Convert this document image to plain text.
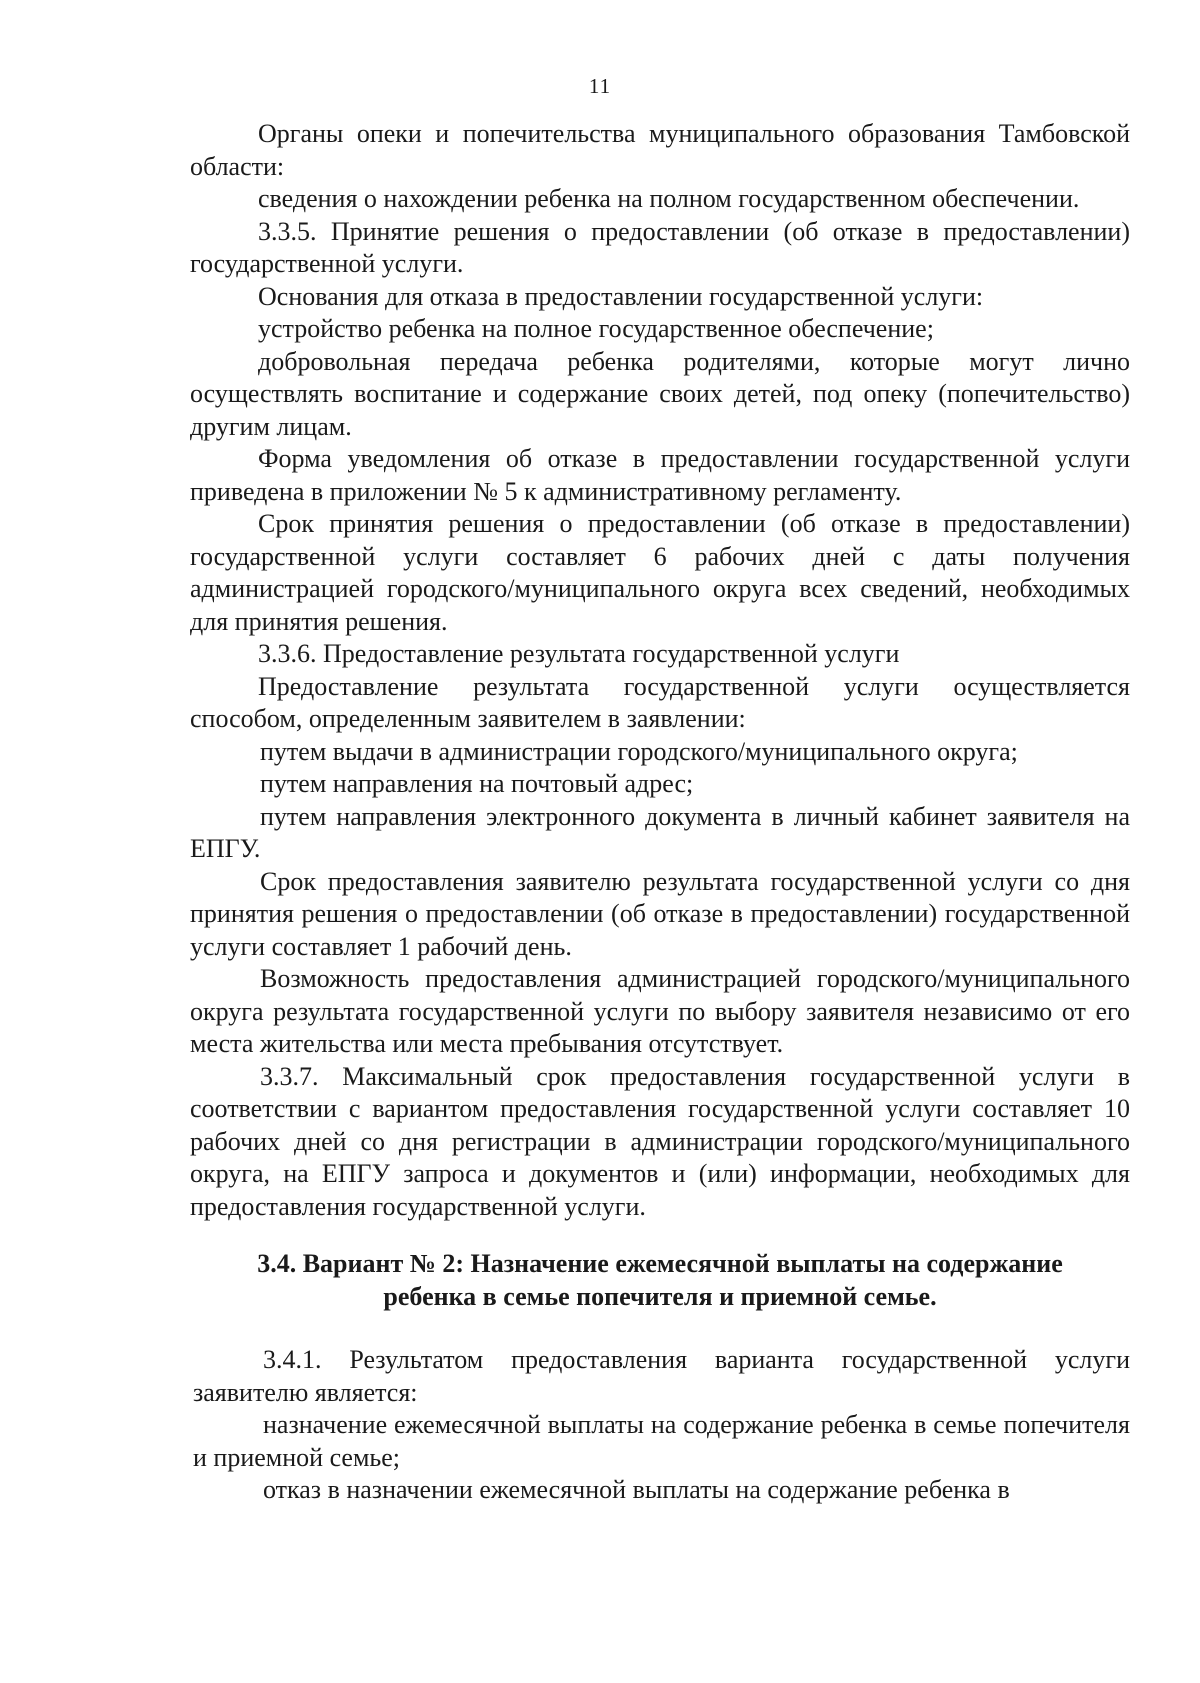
11

Органы опеки и попечительства муниципального образования Тамбовской области:

сведения о нахождении ребенка на полном государственном обеспечении.

3.3.5. Принятие решения о предоставлении (об отказе в предоставлении) государственной услуги.

Основания для отказа в предоставлении государственной услуги:

устройство ребенка на полное государственное обеспечение;

добровольная передача ребенка родителями, которые могут лично осуществлять воспитание и содержание своих детей, под опеку (попечительство) другим лицам.

Форма уведомления об отказе в предоставлении государственной услуги приведена в приложении № 5 к административному регламенту.

Срок принятия решения о предоставлении (об отказе в предоставлении) государственной услуги составляет 6 рабочих дней с даты получения администрацией городского/муниципального округа всех сведений, необходимых для принятия решения.

3.3.6. Предоставление результата государственной услуги

Предоставление результата государственной услуги осуществляется способом, определенным заявителем в заявлении:

путем выдачи в администрации городского/муниципального округа;

путем направления на почтовый адрес;

путем направления электронного документа в личный кабинет заявителя на ЕПГУ.

Срок предоставления заявителю результата государственной услуги со дня принятия решения о предоставлении (об отказе в предоставлении) государственной услуги составляет 1 рабочий день.

Возможность предоставления администрацией городского/муниципального округа результата государственной услуги по выбору заявителя независимо от его места жительства или места пребывания отсутствует.

3.3.7. Максимальный срок предоставления государственной услуги в соответствии с вариантом предоставления государственной услуги составляет 10 рабочих дней со дня регистрации в администрации городского/муниципального округа, на ЕПГУ запроса и документов и (или) информации, необходимых для предоставления государственной услуги.

3.4. Вариант № 2: Назначение ежемесячной выплаты на содержание
ребенка в семье попечителя и приемной семье.

3.4.1. Результатом предоставления варианта государственной услуги заявителю является:

назначение ежемесячной выплаты на содержание ребенка в семье попечителя и приемной семье;

отказ в назначении ежемесячной выплаты на содержание ребенка в
